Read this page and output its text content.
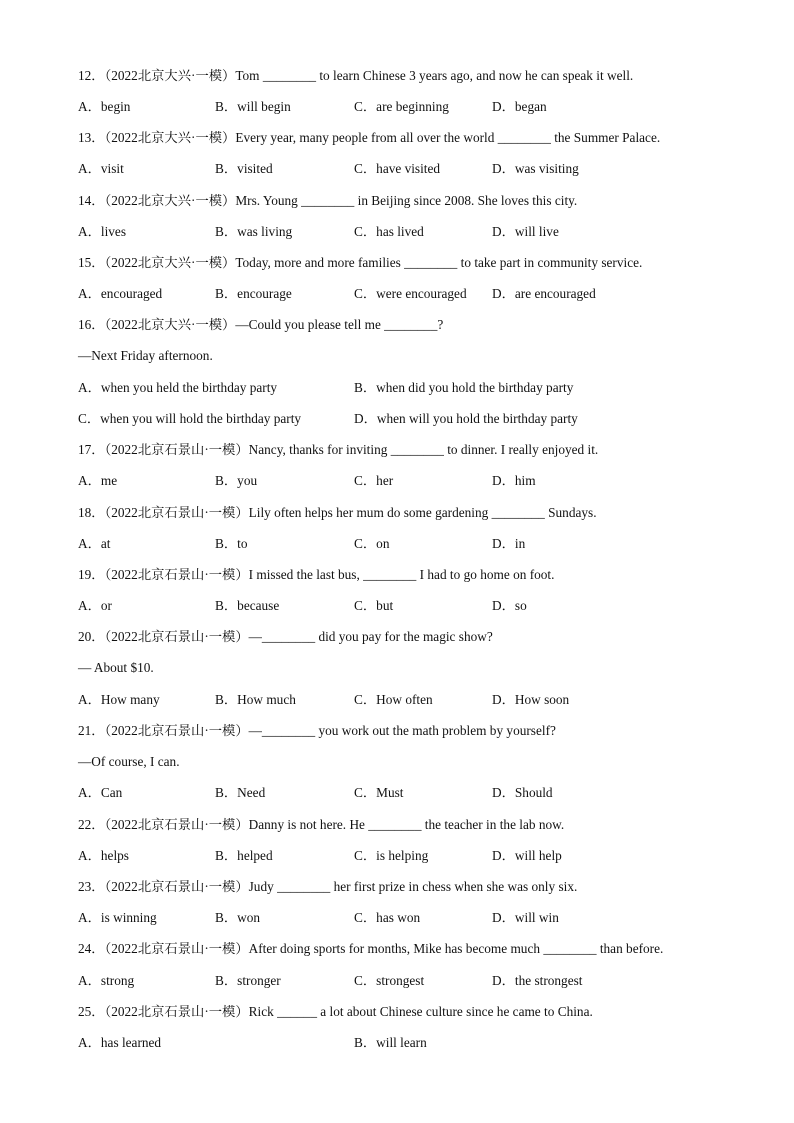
12．（2022北京大兴·一模）Tom ________ to learn Chinese 3 years ago, and now he can speak it well.
A．begin	B．will begin	C．are beginning	D．began
13．（2022北京大兴·一模）Every year, many people from all over the world ________ the Summer Palace.
A．visit	B．visited	C．have visited	D．was visiting
14．（2022北京大兴·一模）Mrs. Young ________ in Beijing since 2008. She loves this city.
A．lives	B．was living	C．has lived	D．will live
15．（2022北京大兴·一模）Today, more and more families ________ to take part in community service.
A．encouraged	B．encourage	C．were encouraged D．are encouraged
16．（2022北京大兴·一模）—Could you please tell me ________?
—Next Friday afternoon.
A．when you held the birthday party	B．when did you hold the birthday party
C．when you will hold the birthday party	D．when will you hold the birthday party
17．（2022北京石景山·一模）Nancy, thanks for inviting ________ to dinner. I really enjoyed it.
A．me	B．you	C．her	D．him
18．（2022北京石景山·一模）Lily often helps her mum do some gardening ________ Sundays.
A．at	B．to	C．on	D．in
19．（2022北京石景山·一模）I missed the last bus, ________ I had to go home on foot.
A．or	B．because	C．but	D．so
20．（2022北京石景山·一模）—________ did you pay for the magic show?
— About $10.
A．How many	B．How much	C．How often	D．How soon
21．（2022北京石景山·一模）—________ you work out the math problem by yourself?
—Of course, I can.
A．Can	B．Need	C．Must	D．Should
22．（2022北京石景山·一模）Danny is not here. He ________ the teacher in the lab now.
A．helps	B．helped	C．is helping	D．will help
23．（2022北京石景山·一模）Judy ________ her first prize in chess when she was only six.
A．is winning	B．won	C．has won	D．will win
24．（2022北京石景山·一模）After doing sports for months, Mike has become much ________ than before.
A．strong	B．stronger	C．strongest	D．the strongest
25．（2022北京石景山·一模）Rick ______ a lot about Chinese culture since he came to China.
A．has learned	B．will learn
